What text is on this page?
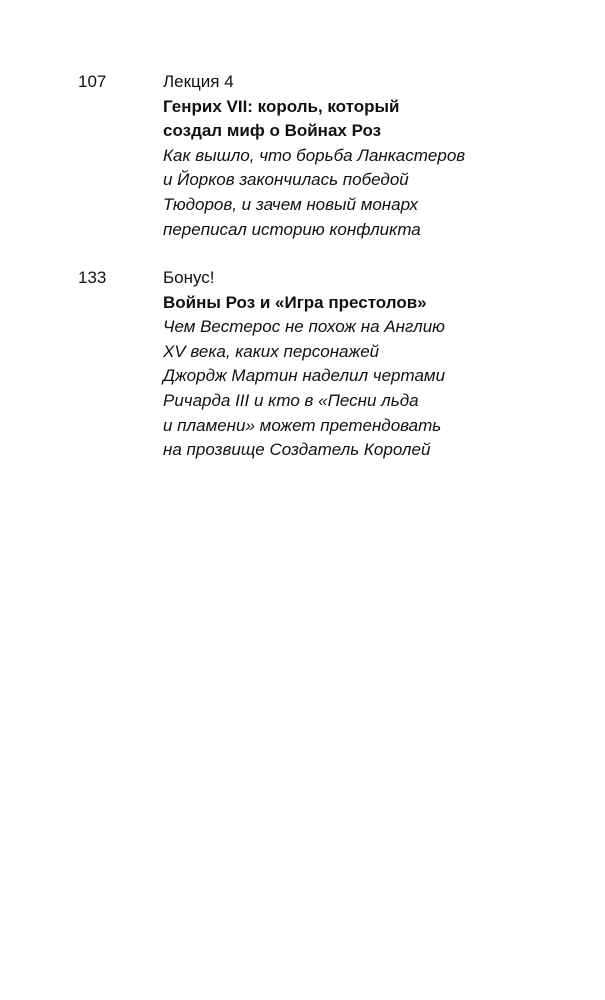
107	Лекция 4
Генрих VII: король, который
создал миф о Войнах Роз
Как вышло, что борьба Ланкастеров
и Йорков закончилась победой
Тюдоров, и зачем новый монарх
переписал историю конфликта
133	Бонус!
Войны Роз и «Игра престолов»
Чем Вестерос не похож на Англию
XV века, каких персонажей
Джордж Мартин наделил чертами
Ричарда III и кто в «Песни льда
и пламени» может претендовать
на прозвище Создатель Королей
